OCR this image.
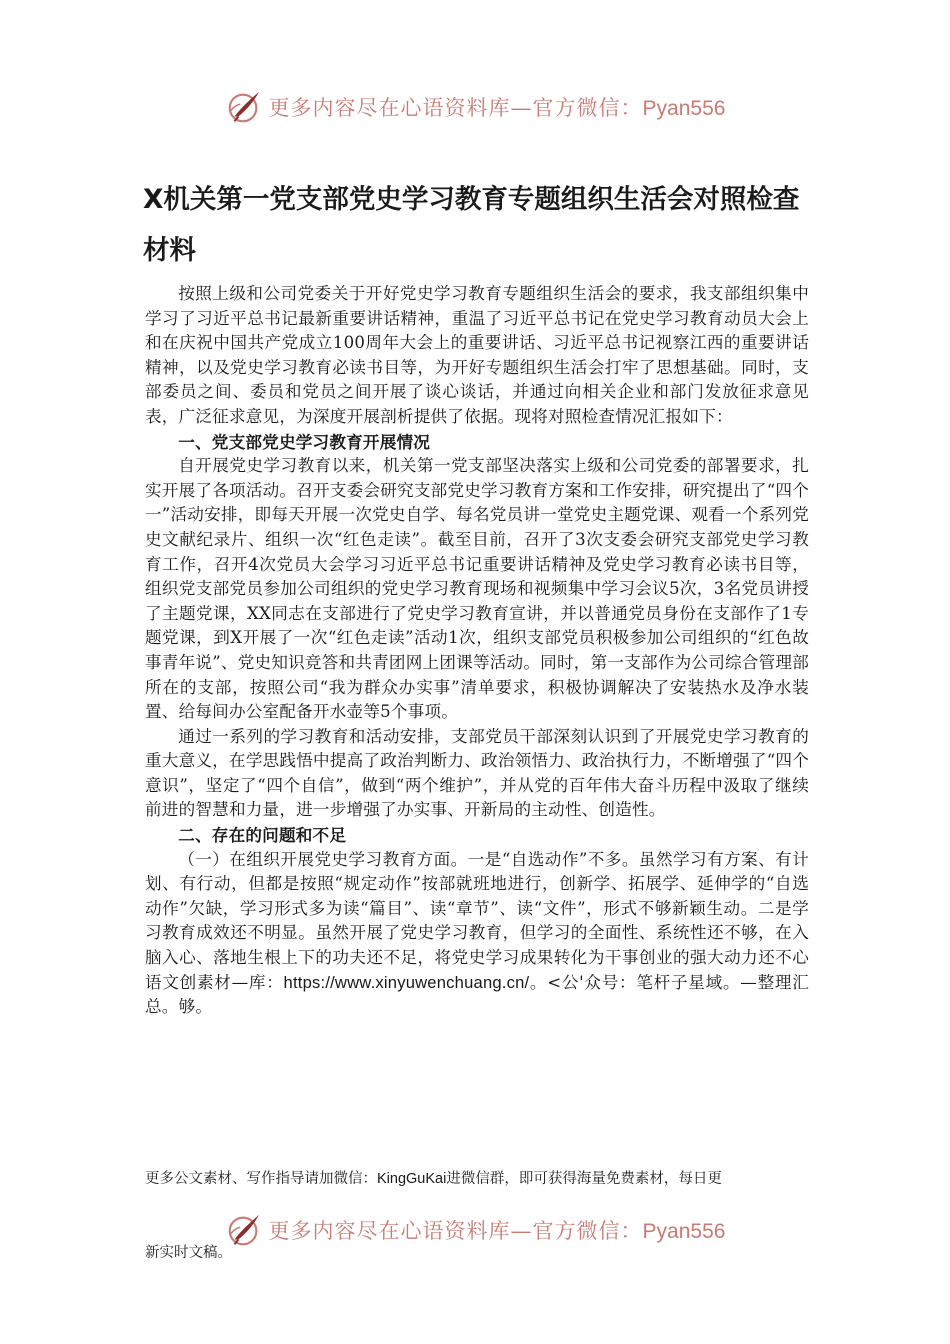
更多内容尽在心语资料库—官方微信：Pyan556
X机关第一党支部党史学习教育专题组织生活会对照检查材料

按照上级和公司党委关于开好党史学习教育专题组织生活会的要求，我支部组织集中学习了习近平总书记最新重要讲话精神，重温了习近平总书记在党史学习教育动员大会上和在庆祝中国共产党成立100周年大会上的重要讲话、习近平总书记视察江西的重要讲话精神，以及党史学习教育必读书目等，为开好专题组织生活会打牢了思想基础。同时，支部委员之间、委员和党员之间开展了谈心谈话，并通过向相关企业和部门发放征求意见表，广泛征求意见，为深度开展剖析提供了依据。现将对照检查情况汇报如下：

一、党支部党史学习教育开展情况

自开展党史学习教育以来，机关第一党支部坚决落实上级和公司党委的部署要求，扎实开展了各项活动。召开支委会研究支部党史学习教育方案和工作安排，研究提出了“四个一”活动安排，即每天开展一次党史自学、每名党员讲一堂党史主题党课、观看一个系列党史文献纪录片、组织一次“红色走读”。截至目前，召开了3次支委会研究支部党史学习教育工作，召开4次党员大会学习习近平总书记重要讲话精神及党史学习教育必读书目等，组织党支部党员参加公司组织的党史学习教育现场和视频集中学习会议5次，3名党员讲授了主题党课，XX同志在支部进行了党史学习教育宣讲，并以普通党员身份在支部作了1专题党课，到X开展了一次“红色走读”活动1次，组织支部党员积极参加公司组织的“红色故事青年说”、党史知识竞答和共青团网上团课等活动。同时，第一支部作为公司综合管理部所在的支部，按照公司“我为群众办实事”清单要求，积极协调解决了安装热水及净水装置、给每间办公室配备开水壶等5个事项。

通过一系列的学习教育和活动安排，支部党员干部深刻认识到了开展党史学习教育的重大意义，在学思践悟中提高了政治判断力、政治领悟力、政治执行力，不断增强了“四个意识”，坚定了“四个自信”，做到“两个维护”，并从党的百年伟大奋斗历程中汲取了继续前进的智慧和力量，进一步增强了办实事、开新局的主动性、创造性。

二、存在的问题和不足

（一）在组织开展党史学习教育方面。一是“自选动作”不多。虽然学习有方案、有计划、有行动，但都是按照“规定动作”按部就班地进行，创新学、拓展学、延伸学的“自选动作”欠缺，学习形式多为读“篇目”、读“章节”、读“文件”，形式不够新颖生动。二是学习教育成效还不明显。虽然开展了党史学习教育，但学习的全面性、系统性还不够，在入脑入心、落地生根上下的功夫还不足，将党史学习成果转化为干事创业的强大动力还不心语文创素材—库：https://www.xinyuwenchuang.cn/。<公'众号：笔杆子星域。—整理汇总。够。

更多公文素材、写作指导请加微信：KingGuKai进微信群，即可获得海量免费素材，每日更
更多内容尽在心语资料库—官方微信：Pyan556
新实时文稿。
